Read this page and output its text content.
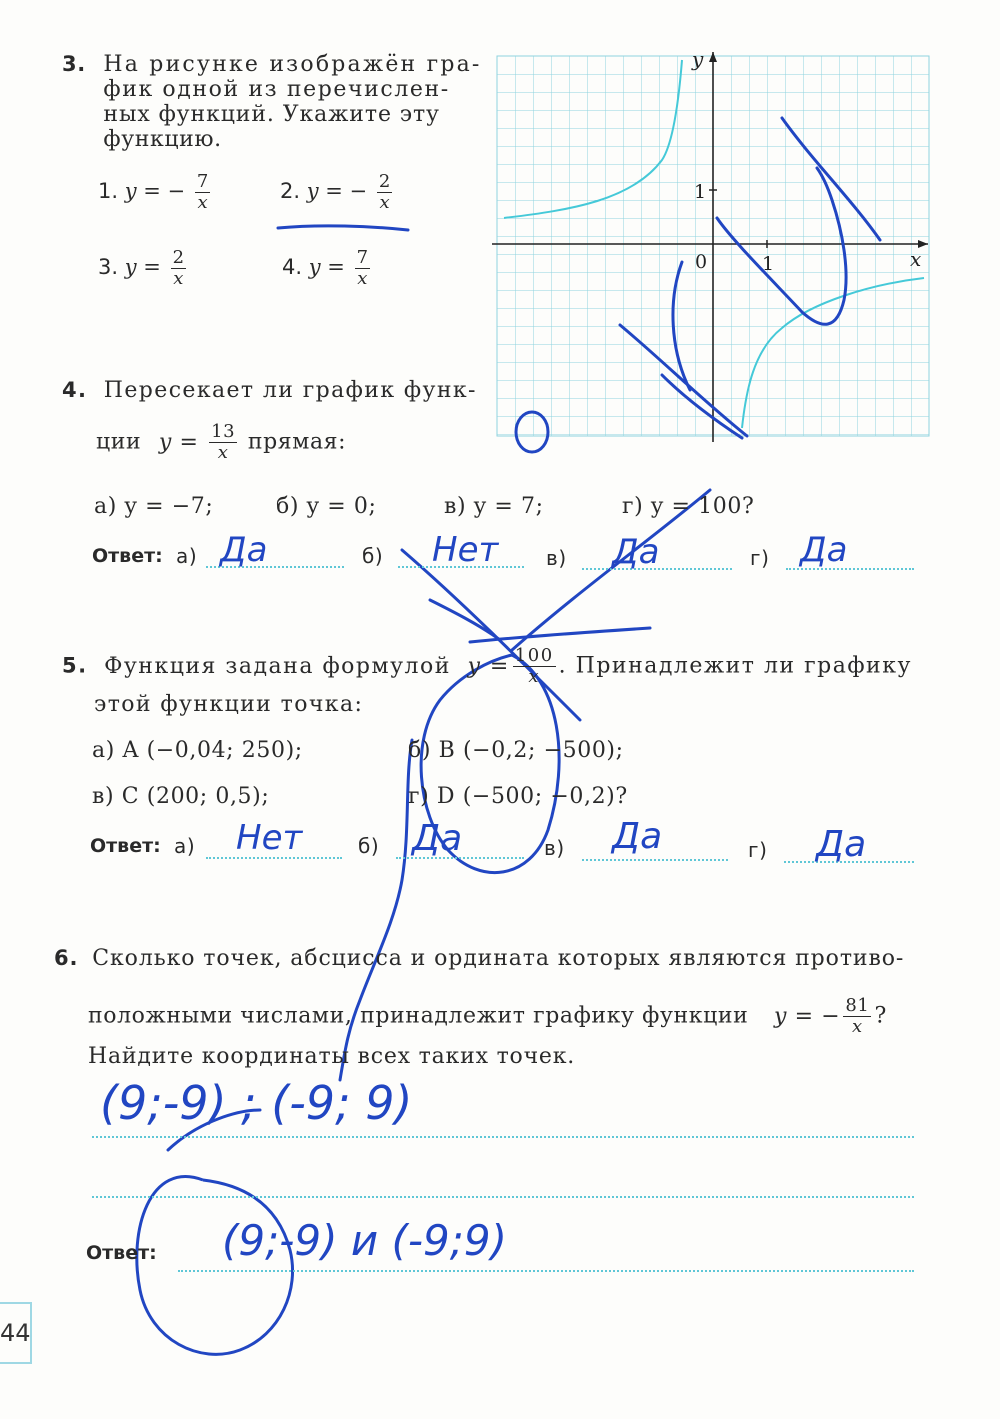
3. На рисунке изображён гра-
фик одной из перечислен-
ных функций. Укажите эту
функцию.
1. y = − $\frac{7}{x}$	2. y = − $\frac{2}{x}$
3. $y = \frac{2}{x}$	4. $y = \frac{7}{x}$
y
x
0	1
1
4. Пересекает ли график функ-
ции $y = \frac{13}{x}$ прямая:
а) y = −7;	б) y = 0;	в) y = 7;	г) y = 100?
Ответ: а)	б)	в)	г)
Да	Нет	Да	Да
5. Функция задана формулой $y = \frac{100}{x}$ . Принадлежит ли графику
этой функции точка:
а) A (−0,04; 250);	б) B (−0,2; −500);
в) C (200; 0,5);	г) D (−500; −0,2)?
Ответ: а)	б)	в)	г)
Нет	Да	Да	Да
6. Сколько точек, абсцисса и ордината которых являются противо-
положными числами, принадлежит графику функции y = − $\frac{81}{x}$ ?
Найдите координаты всех таких точек.
Ответ:
(9;-9) ; (-9; 9)
(9;-9) и (-9;9)
44
